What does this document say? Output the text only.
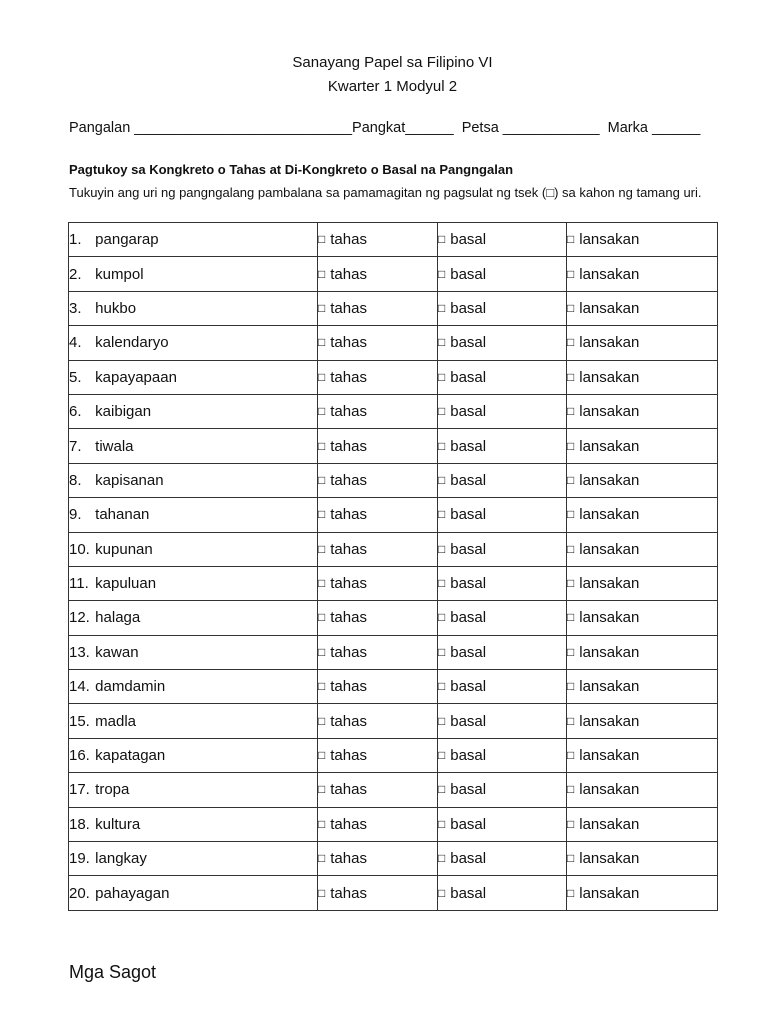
Sanayang Papel sa Filipino VI
Kwarter 1 Modyul 2
Pangalan ___________________________Pangkat______  Petsa ____________  Marka ______
Pagtukoy sa Kongkreto o Tahas at Di-Kongkreto o Basal na Pangngalan
Tukuyin ang uri ng pangngalang pambalana sa pamamagitan ng pagsulat ng tsek (□) sa kahon ng tamang uri.
1. pangarap	□ tahas	□ basal	□ lansakan
2. kumpol	□ tahas	□ basal	□ lansakan
3. hukbo	□ tahas	□ basal	□ lansakan
4. kalendaryo	□ tahas	□ basal	□ lansakan
5. kapayapaan	□ tahas	□ basal	□ lansakan
6. kaibigan	□ tahas	□ basal	□ lansakan
7. tiwala	□ tahas	□ basal	□ lansakan
8. kapisanan	□ tahas	□ basal	□ lansakan
9. tahanan	□ tahas	□ basal	□ lansakan
10. kupunan	□ tahas	□ basal	□ lansakan
11. kapuluan	□ tahas	□ basal	□ lansakan
12. halaga	□ tahas	□ basal	□ lansakan
13. kawan	□ tahas	□ basal	□ lansakan
14. damdamin	□ tahas	□ basal	□ lansakan
15. madla	□ tahas	□ basal	□ lansakan
16. kapatagan	□ tahas	□ basal	□ lansakan
17. tropa	□ tahas	□ basal	□ lansakan
18. kultura	□ tahas	□ basal	□ lansakan
19. langkay	□ tahas	□ basal	□ lansakan
20. pahayagan	□ tahas	□ basal	□ lansakan
Mga Sagot
